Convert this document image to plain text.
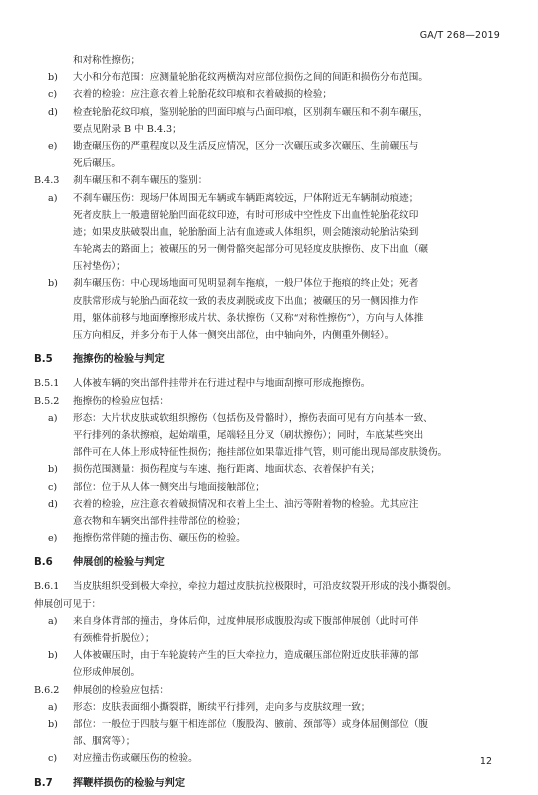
GA/T 268—2019
和对称性擦伤；
b) 大小和分布范围：应测量轮胎花纹两横沟对应部位损伤之间的间距和损伤分布范围。
c) 衣着的检验：应注意衣着上轮胎花纹印痕和衣着破损的检验；
d) 检查轮胎花纹印痕，鉴别轮胎的凹面印痕与凸面印痕，区别刹车碾压和不刹车碾压，
要点见附录 B 中 B.4.3；
e) 勘查碾压伤的严重程度以及生活反应情况，区分一次碾压或多次碾压、生前碾压与
死后碾压。
B.4.3 刹车碾压和不刹车碾压的鉴别：
a) 不刹车碾压伤：现场尸体周围无车辆或车辆距离较远，尸体附近无车辆制动痕迹；
死者皮肤上一般遗留轮胎凹面花纹印迹，有时可形成中空性皮下出血性轮胎花纹印
迹；如果皮肤破裂出血，轮胎胎面上沾有血迹或人体组织，则会随滚动轮胎沾染到
车轮离去的路面上；被碾压的另一侧骨骼突起部分可见轻度皮肤擦伤、皮下出血（碾
压衬垫伤）；
b) 刹车碾压伤：中心现场地面可见明显刹车拖痕，一般尸体位于拖痕的终止处；死者
皮肤常形成与轮胎凸面花纹一致的表皮剥脱或皮下出血；被碾压的另一侧因推力作
用，躯体前移与地面摩擦形成片状、条状擦伤（又称“对称性擦伤”），方向与人体推
压方向相反，并多分布于人体一侧突出部位，由中轴向外，内侧重外侧轻）。
B.5 拖擦伤的检验与判定
B.5.1 人体被车辆的突出部件挂带并在行进过程中与地面刮擦可形成拖擦伤。
B.5.2 拖擦伤的检验应包括：
a) 形态：大片状皮肤或软组织擦伤（包括伤及骨骼时），擦伤表面可见有方向基本一致、
平行排列的条状擦痕，起始端重，尾端轻且分叉（刷状擦伤）；同时，车底某些突出
部件可在人体上形成特征性损伤；拖挂部位如果靠近排气管，则可能出现局部皮肤烫伤。
b) 损伤范围测量：损伤程度与车速、拖行距离、地面状态、衣着保护有关；
c) 部位：位于从人体一侧突出与地面接触部位；
d) 衣着的检验，应注意衣着破损情况和衣着上尘土、油污等附着物的检验。尤其应注
意衣物和车辆突出部件挂带部位的检验；
e) 拖擦伤常伴随的撞击伤、碾压伤的检验。
B.6 伸展创的检验与判定
B.6.1 当皮肤组织受到极大牵拉，牵拉力超过皮肤抗拉极限时，可沿皮纹裂开形成的浅小撕裂创。
伸展创可见于：
a) 来自身体背部的撞击，身体后仰，过度伸展形成腹股沟或下腹部伸展创（此时可伴
有颈椎骨折脱位）；
b) 人体被碾压时，由于车轮旋转产生的巨大牵拉力，造成碾压部位附近皮肤菲薄的部
位形成伸展创。
B.6.2 伸展创的检验应包括：
a) 形态：皮肤表面细小撕裂群，断续平行排列，走向多与皮肤纹理一致；
b) 部位：一般位于四肢与躯干相连部位（腹股沟、腋前、颈部等）或身体屈侧部位（腹
部、腘窝等）；
c) 对应撞击伤或碾压伤的检验。
B.7 挥鞭样损伤的检验与判定
12
